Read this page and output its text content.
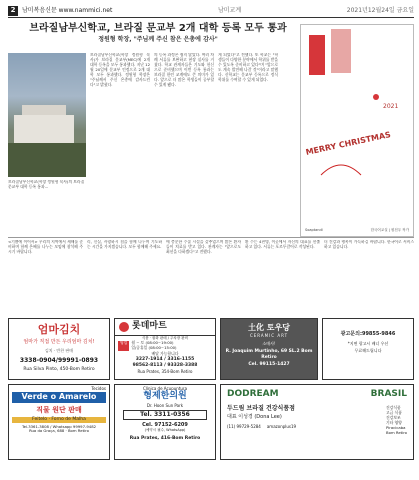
2	남미복음신문 www.nammici.net	남미교계	2021년12월24일 금요일
브라질남부신학교, 브라질 문교부 2개 대학 등록 모두 통과
정원형 학장, "주님께 주신 참은 은총에 감사"
브라질남부신학교(학장 정원형 목사)의 브라질 문교부 대학 등록 통과...
브라질남부신학교(학장 정원형 목사)가 브라질 문교부(MEC)에 2개 대학 등록을 모두 통과했다. 지난 12월 20일에 문교부 인정으로 2개 대학 모두 통과했다. 정원형 학장은 "주님께서 주신 은총에 감사드린다"고 밝혔다.
의 등록 과정은 쉽지 않았다. 여러 차례 서류를 보완하고 현장 실사를 거쳤다. 학교 관계자들은 기도와 헌신으로 준비했으며 이번 등록 통과는 브라질 한인 교계에도 큰 의미가 있다. 앞으로 더 많은 학생들이 공부할 수 있게 됐다.
게 되었다"고 전했다. 또 학교는 "학생들이 다양한 분야에서 학위를 받을 수 있도록 준비하고 있다"며 "앞으로도 계속 발전해 나갈 것"이라고 말했다. 신학교는 문교부 등록으로 정식 학위를 수여할 수 있게 되었다.
MERRY CHRISTMAS
2021
Soaptandl	한국어교실 | 원천우 작가
<기쁨에 이어서> 우리의 지역에서 새해를 준비하며 함께 은혜를 나누는 모임에 참석해 주시기 바랍니다.
리, 신실, 사랑하시 짐을 함께 나누며 기도하는 시간을 가지겠습니다. 모두 함께해 주세요.
에 충분한 수술 시설을 갖추었으며 많은 환자들이 치료를 받고 있다. 관계자는 "앞으로도 최선을 다하겠다"고 전했다.
환 수는 4천명, 이곳에서 자신의 대표를 선출하고 있다. 서류는 포르투갈어로 작성된다.
더 건강과 행복이 가득하길 바랍니다. 한국어로 서비스하고 있습니다.
엄마김치
엄마가 직접 만든 우리엄마 김치!
김치 · 반찬 판매
3338-0904/99991-0893
Rua Silva Pinto, 450-Bom Retiro
롯데마트
식품 · 잡화 판매 / 주차장 완비
영업	월 ~ 토 (08:00~19:00)
일/공휴일 (08:00~15:00)
배달 가능합니다
3227-1914 / 3316-1155
98562-8113 / 93328-3388
Rua Prates, 354-Bom Retiro
土化 토우당
CERAMIC ART
소매사!
R. Joaquim Murtinho, 69 SL.2 Bom Retiro
Cel. 99115-1427
광고문의:99855-9846
*지면 광고시 배너 우선
무료해드립니다
Tecidos
Verde o Amarelo
직물 원단 판매
Feitelo · Forno de Malha
Tel.3361-3808 / Whatsapp 99997-9482
Rua da Graça, 688 · Bom Retiro
Clínica de Acupuntura
형제한의원
Dr. Hoon Sun Park
Tel. 3311-0356
Cel. 97152-6209
(예약시 필수, WhatsApp)
Rua Prates, 416-Bom Retiro
DODREAM	BRASIL
두드림 브라질 건강식품점
대표 이성경 (Dona Lee)
(11) 99729-5284 amazonplus19
건강식품
고급 식품
건강보조
기타 영양
Piracicaba
Bom Retiro
